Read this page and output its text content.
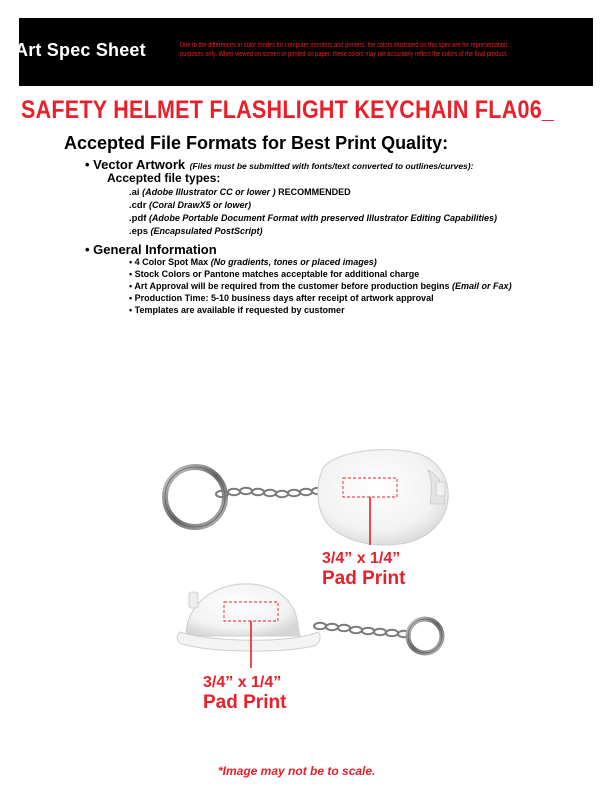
Art Spec Sheet	Due to the differences in color modes for computer monitors and printers, the colors illustrated on this spec are for representation
purposes only. When viewed on screen or printed on paper, these colors may not accurately reflect the colors of the final product.
SAFETY HELMET FLASHLIGHT KEYCHAIN FLA06_
Accepted File Formats for Best Print Quality:
• Vector Artwork (Files must be submitted with fonts/text converted to outlines/curves):
Accepted file types:
.ai (Adobe Illustrator CC or lower ) RECOMMENDED
.cdr (Coral DrawX5 or lower)
.pdf (Adobe Portable Document Format with preserved Illustrator Editing Capabilities)
.eps (Encapsulated PostScript)
• General Information
• 4 Color Spot Max (No gradients, tones or placed images)
• Stock Colors or Pantone matches acceptable for additional charge
• Art Approval will be required from the customer before production begins (Email or Fax)
• Production Time: 5-10 business days after receipt of artwork approval
• Templates are available if requested by customer
3/4” x 1/4”
Pad Print
3/4” x 1/4”
Pad Print
*Image may not be to scale.
